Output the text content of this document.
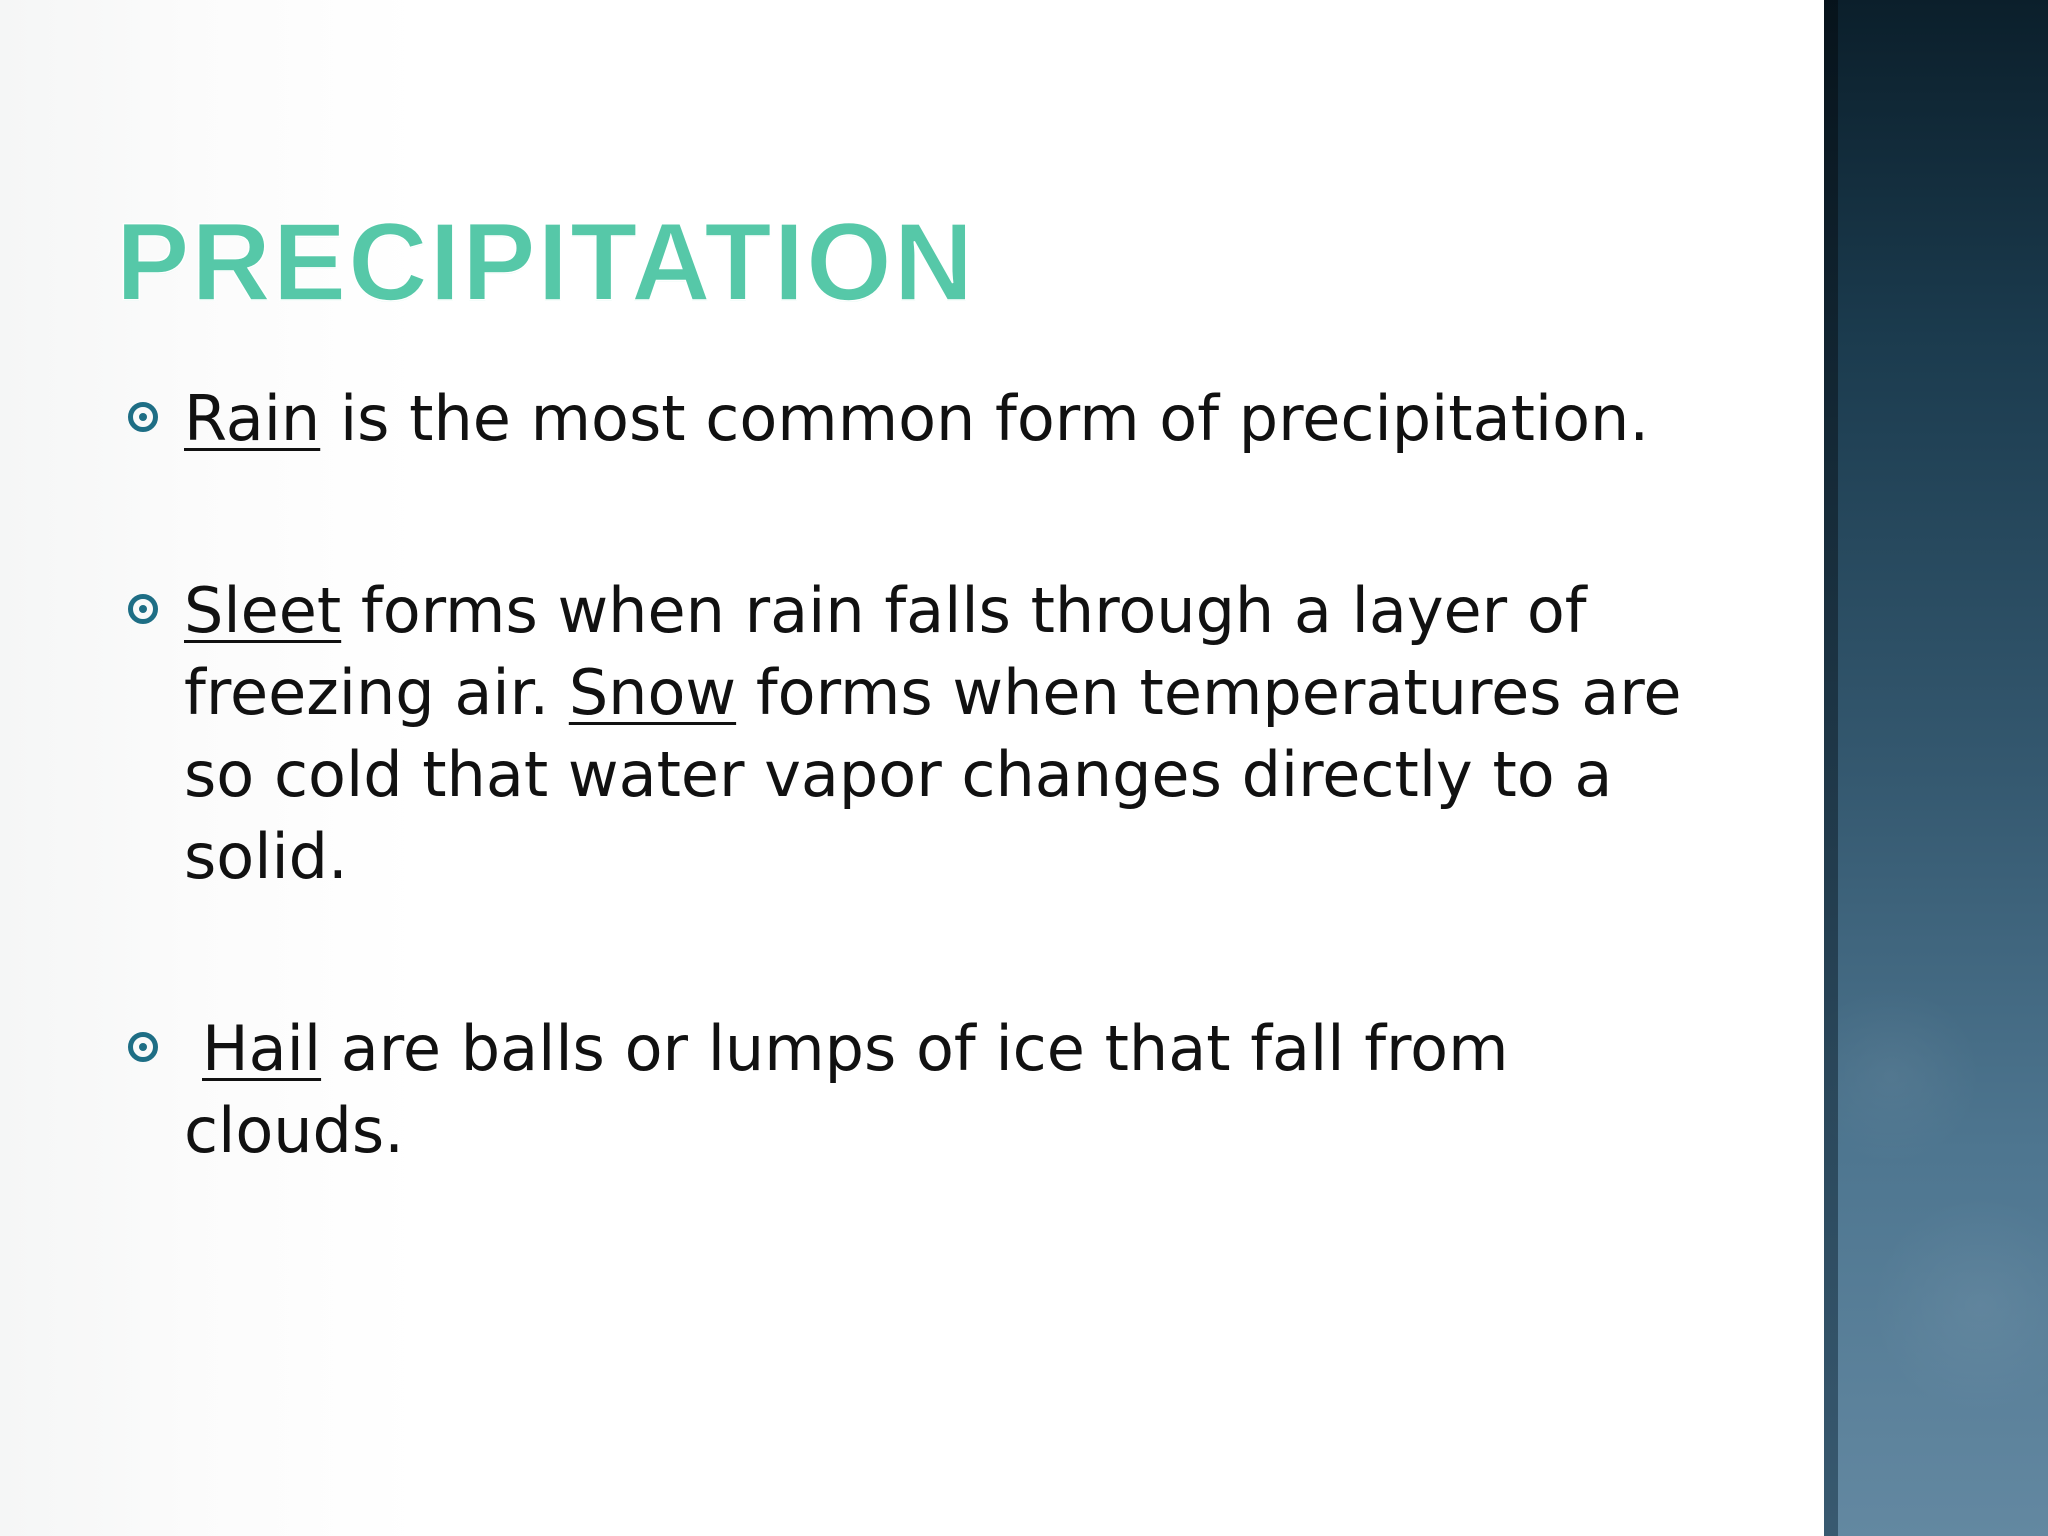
PRECIPITATION
Rain is the most common form of precipitation.
Sleet forms when rain falls through a layer of freezing air. Snow forms when temperatures are so cold that water vapor changes directly to a solid.
Hail are balls or lumps of ice that fall from clouds.
